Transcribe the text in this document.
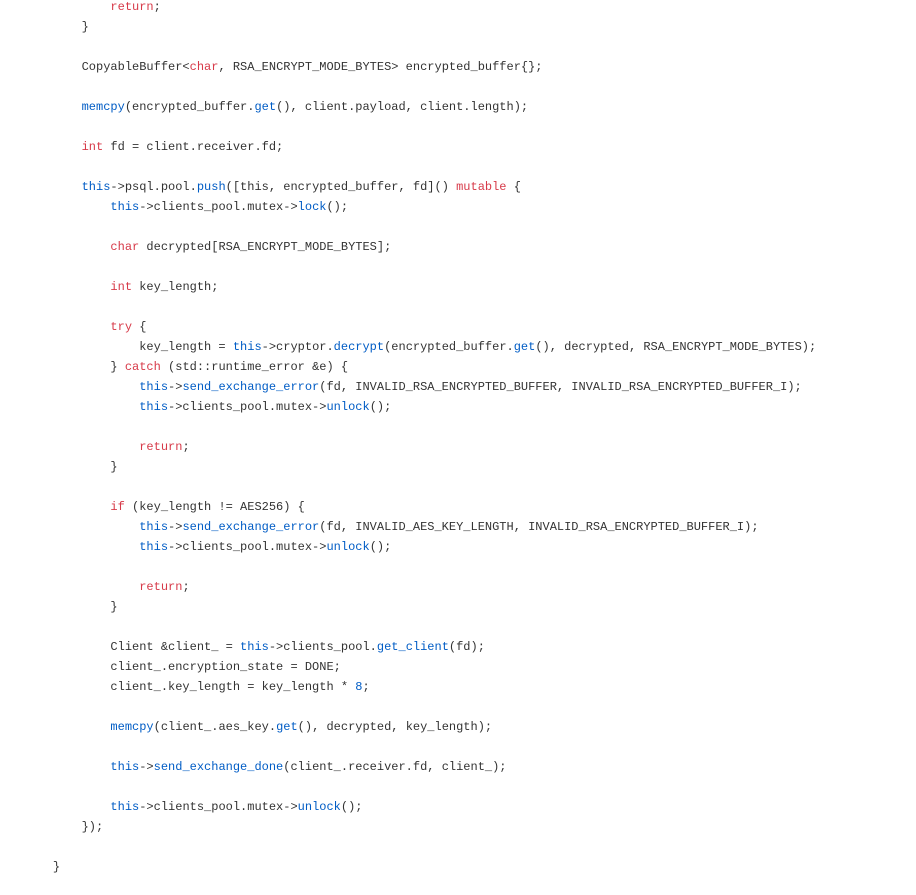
return;
}
CopyableBuffer<char, RSA_ENCRYPT_MODE_BYTES> encrypted_buffer{};
memcpy(encrypted_buffer.get(), client.payload, client.length);
int fd = client.receiver.fd;
this->psql.pool.push([this, encrypted_buffer, fd]() mutable {
this->clients_pool.mutex->lock();
char decrypted[RSA_ENCRYPT_MODE_BYTES];
int key_length;
try {
key_length = this->cryptor.decrypt(encrypted_buffer.get(), decrypted, RSA_ENCRYPT_MODE_BYTES);
} catch (std::runtime_error &e) {
this->send_exchange_error(fd, INVALID_RSA_ENCRYPTED_BUFFER, INVALID_RSA_ENCRYPTED_BUFFER_I);
this->clients_pool.mutex->unlock();
return;
}
if (key_length != AES256) {
this->send_exchange_error(fd, INVALID_AES_KEY_LENGTH, INVALID_RSA_ENCRYPTED_BUFFER_I);
this->clients_pool.mutex->unlock();
return;
}
Client &client_ = this->clients_pool.get_client(fd);
client_.encryption_state = DONE;
client_.key_length = key_length * 8;
memcpy(client_.aes_key.get(), decrypted, key_length);
this->send_exchange_done(client_.receiver.fd, client_);
this->clients_pool.mutex->unlock();
});
}
